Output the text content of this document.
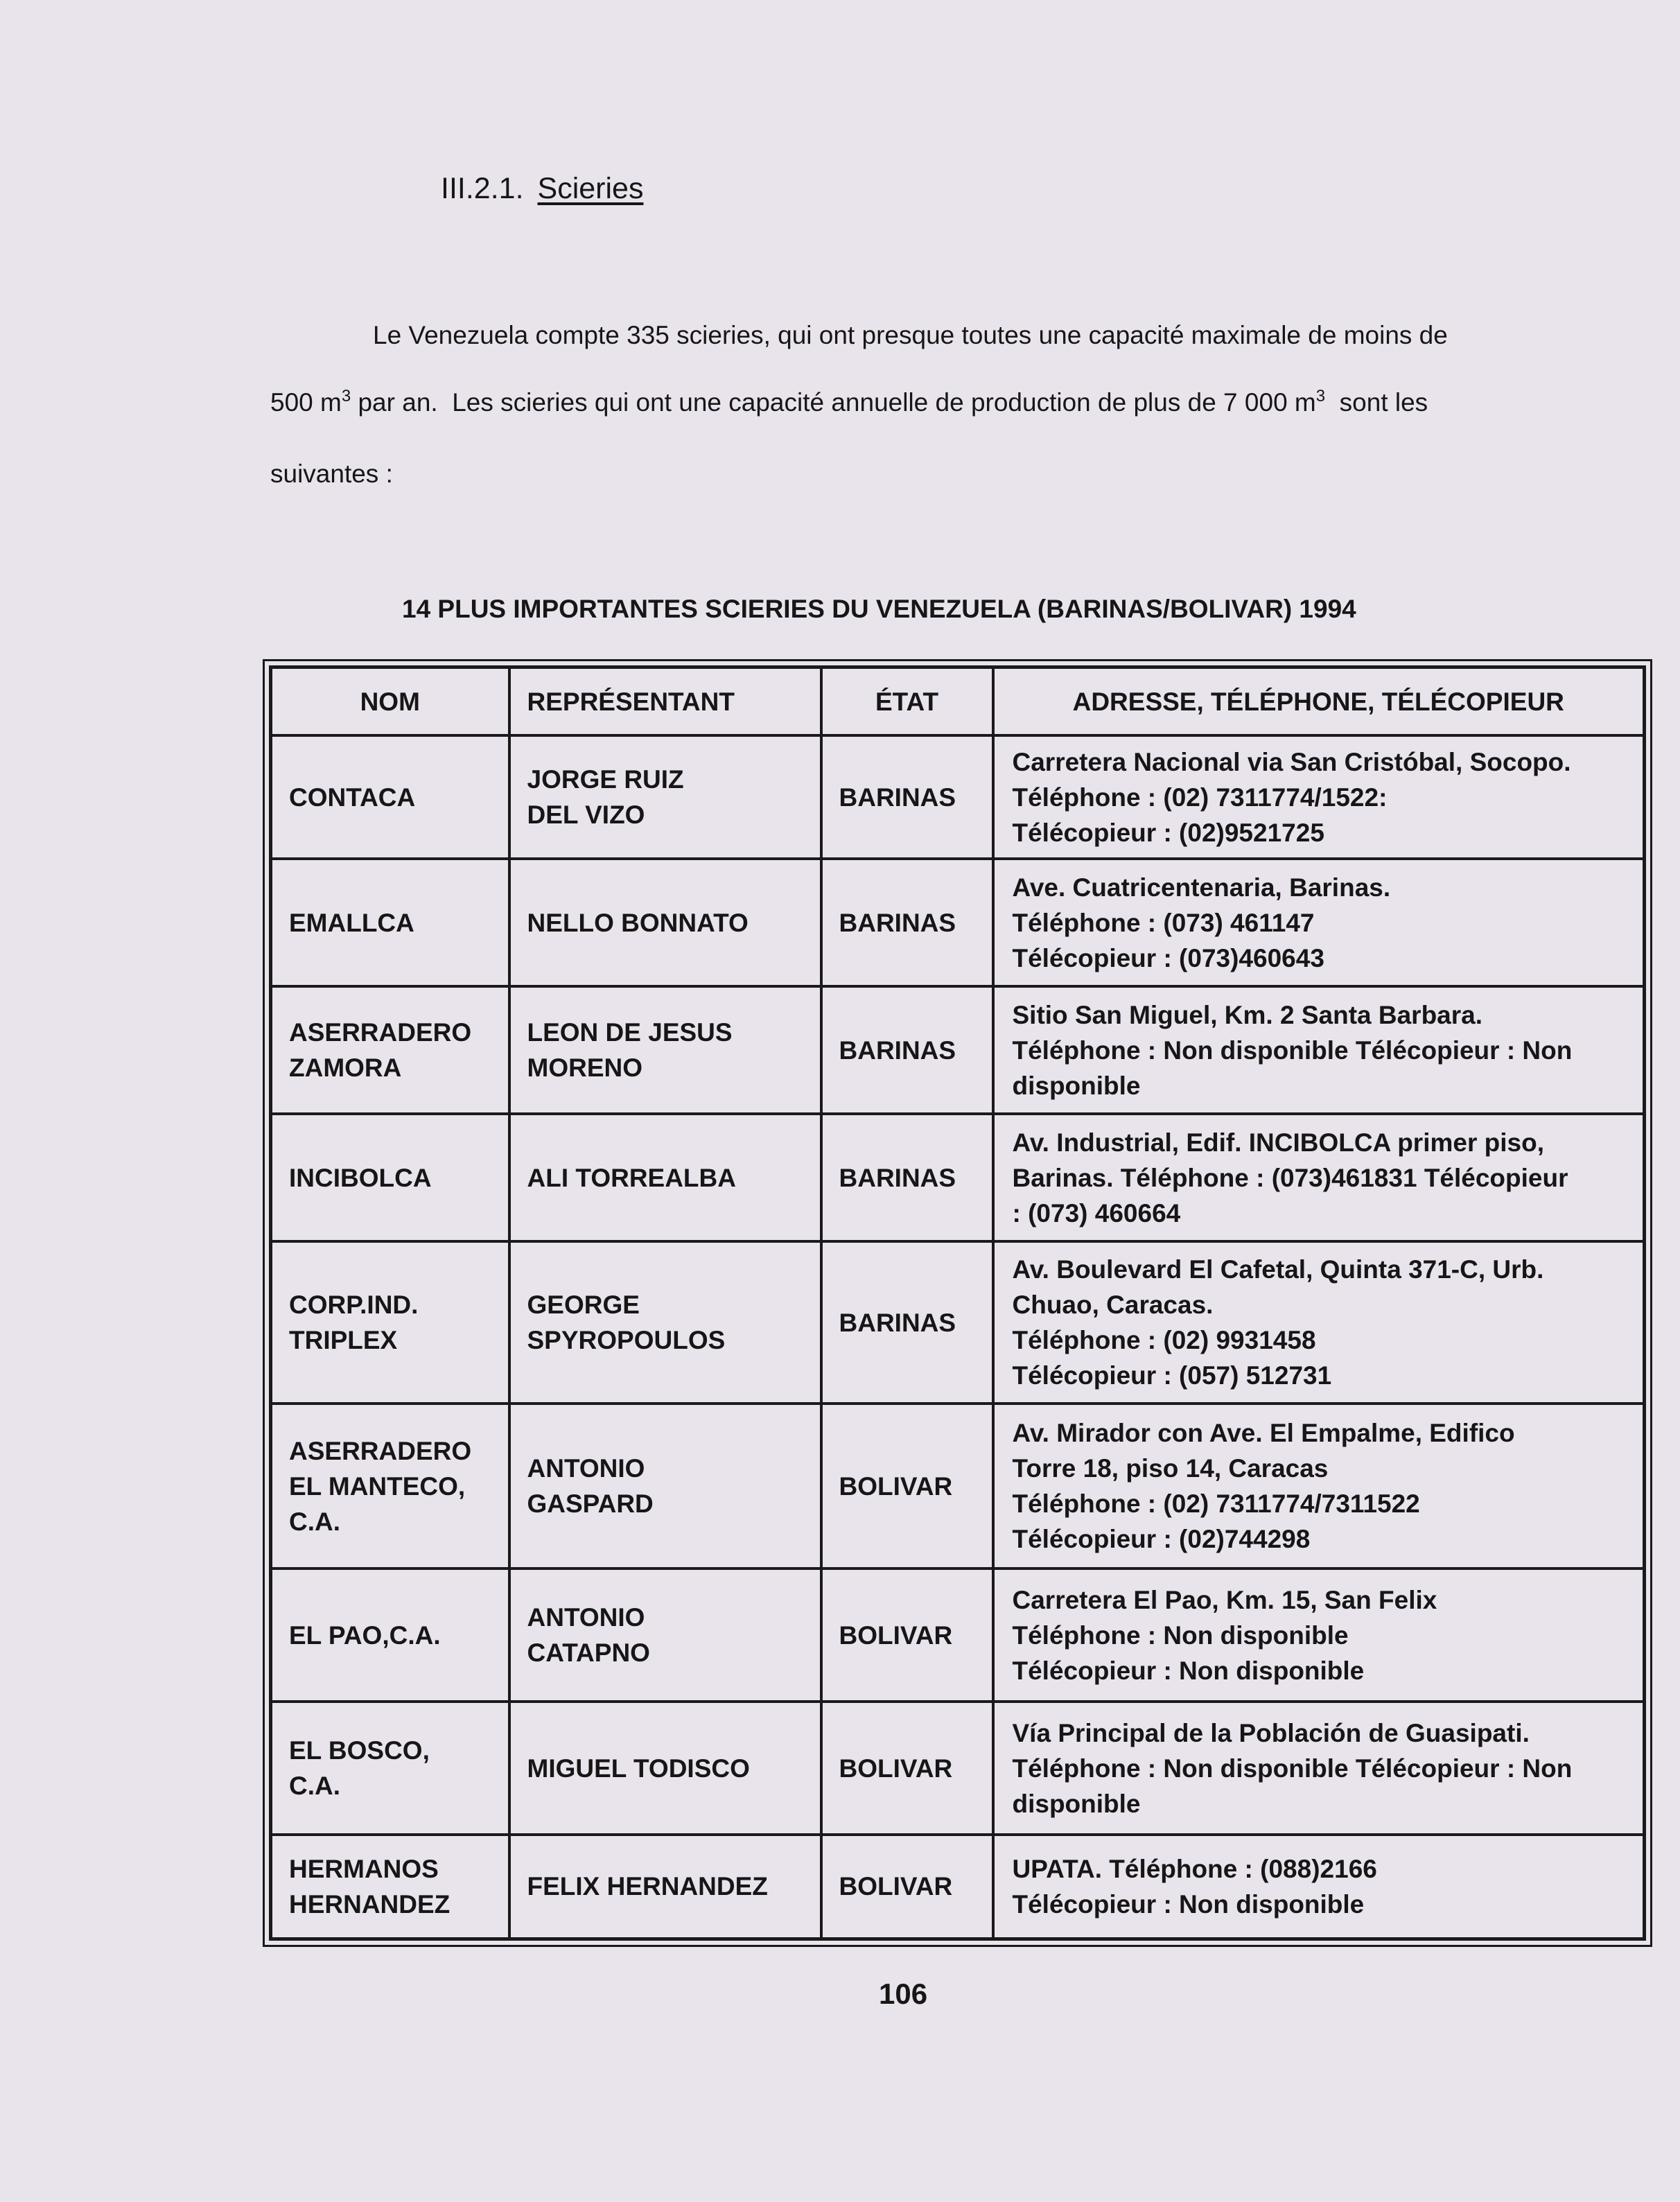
III.2.1. Scieries
Le Venezuela compte 335 scieries, qui ont presque toutes une capacité maximale de moins de
500 $m^3$ par an.  Les scieries qui ont une capacité annuelle de production de plus de 7 000 $m^3$  sont les
suivantes :
14 PLUS IMPORTANTES SCIERIES DU VENEZUELA (BARINAS/BOLIVAR) 1994
NOM	REPRÉSENTANT	ÉTAT	ADRESSE, TÉLÉPHONE, TÉLÉCOPIEUR

CONTACA	JORGE RUIZ
DEL VIZO	BARINAS	Carretera Nacional via San Cristóbal, Socopo.
Téléphone : (02) 7311774/1522:
Télécopieur : (02)9521725

EMALLCA	NELLO BONNATO	BARINAS	Ave. Cuatricentenaria, Barinas.
Téléphone : (073) 461147
Télécopieur : (073)460643

ASERRADERO
ZAMORA	LEON DE JESUS
MORENO	BARINAS	Sitio San Miguel, Km. 2 Santa Barbara.
Téléphone : Non disponible Télécopieur : Non
disponible

INCIBOLCA	ALI TORREALBA	BARINAS	Av. Industrial, Edif. INCIBOLCA primer piso,
Barinas. Téléphone : (073)461831 Télécopieur
: (073) 460664

CORP.IND.
TRIPLEX	GEORGE
SPYROPOULOS	BARINAS	Av. Boulevard El Cafetal, Quinta 371-C, Urb.
Chuao, Caracas.
Téléphone : (02) 9931458
Télécopieur : (057) 512731

ASERRADERO
EL MANTECO,
C.A.	ANTONIO
GASPARD	BOLIVAR	Av. Mirador con Ave. El Empalme, Edifico
Torre 18, piso 14, Caracas
Téléphone : (02) 7311774/7311522
Télécopieur : (02)744298

EL PAO,C.A.	ANTONIO
CATAPNO	BOLIVAR	Carretera El Pao, Km. 15, San Felix
Téléphone : Non disponible
Télécopieur : Non disponible

EL BOSCO,
C.A.	MIGUEL TODISCO	BOLIVAR	Vía Principal de la Población de Guasipati.
Téléphone : Non disponible Télécopieur : Non
disponible

HERMANOS
HERNANDEZ	FELIX HERNANDEZ	BOLIVAR	UPATA. Téléphone : (088)2166
Télécopieur : Non disponible
106
